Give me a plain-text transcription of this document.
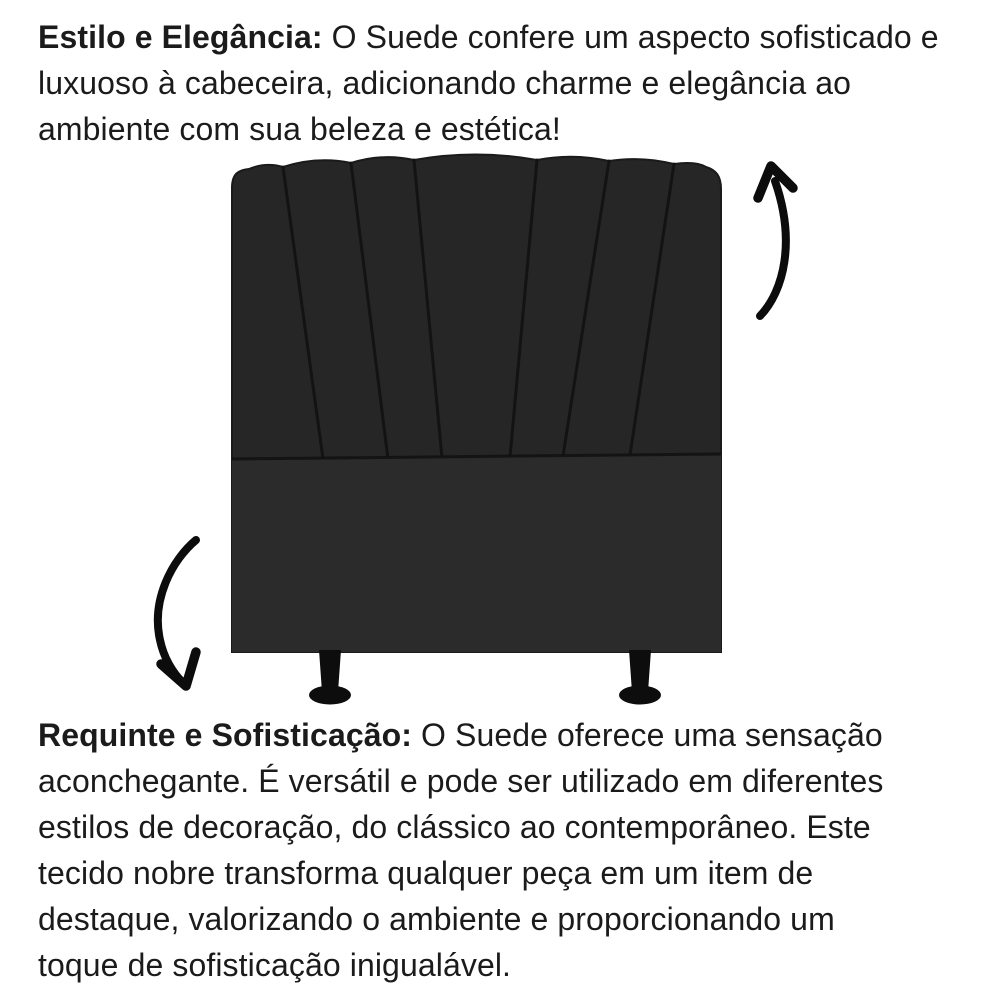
Estilo e Elegância: O Suede confere um aspecto sofisticado e
luxuoso à cabeceira, adicionando charme e elegância ao
ambiente com sua beleza e estética!

Requinte e Sofisticação: O Suede oferece uma sensação
aconchegante. É versátil e pode ser utilizado em diferentes
estilos de decoração, do clássico ao contemporâneo. Este
tecido nobre transforma qualquer peça em um item de
destaque, valorizando o ambiente e proporcionando um
toque de sofisticação inigualável.
